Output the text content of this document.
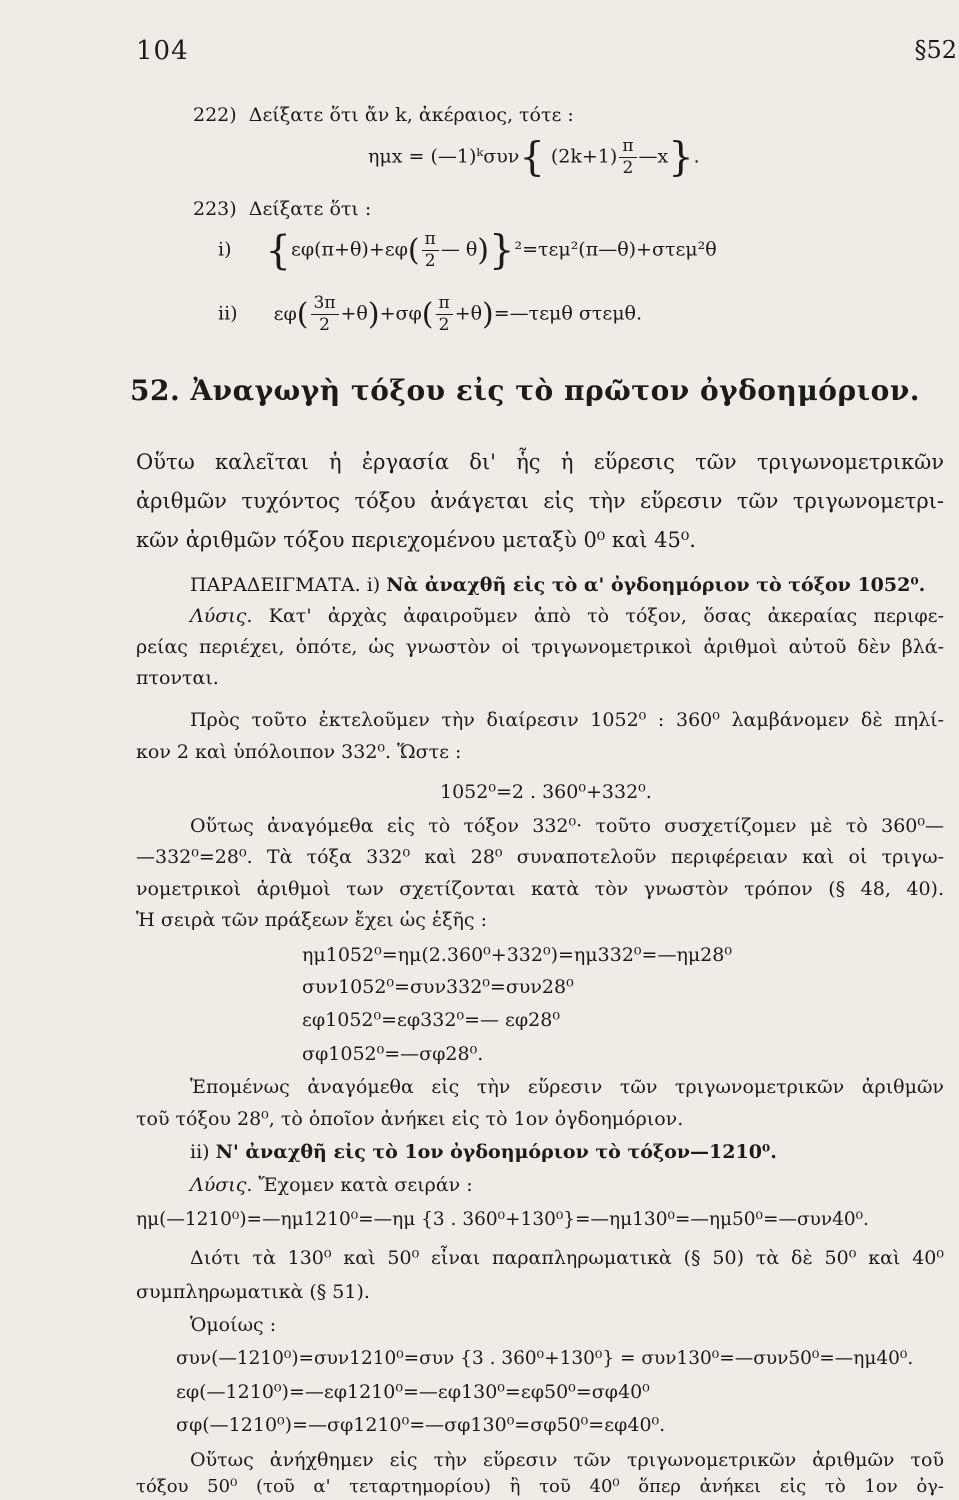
104	§52
222) Δείξατε ὅτι ἄν k, ἀκέραιος, τότε :
ημx = (—1)ᵏσυν{ $(2k+1) \frac{\pi}{2}$ —x}.
223) Δείξατε ὅτι :
i) {$\varepsilon\varphi(\pi+\theta)+\varepsilon\varphi( \frac{\pi}{2}$ — θ)}²=τεμ²(π—θ)+στεμ²θ
ii) $\varepsilon\varphi( \frac{3\pi}{2} +\theta)+\sigma\varphi( \frac{\pi}{2}$ +θ)=—τεμθ στεμθ.
52. Ἀναγωγὴ τόξου εἰς τὸ πρῶτον ὀγδοημόριον.
Οὕτω καλεῖται ἡ ἐργασία δι' ἧς ἡ εὕρεσις τῶν τριγωνομετρικῶν
ἀριθμῶν τυχόντος τόξου ἀνάγεται εἰς τὴν εὕρεσιν τῶν τριγωνομετρι-
κῶν ἀριθμῶν τόξου περιεχομένου μεταξὺ 0⁰ καὶ 45⁰.
ΠΑΡΑΔΕΙΓΜΑΤΑ. i) Νὰ ἀναχθῆ εἰς τὸ α' ὀγδοημόριον τὸ τόξον 1052⁰.
Λύσις. Κατ' ἀρχὰς ἀφαιροῦμεν ἀπὸ τὸ τόξον, ὅσας ἀκεραίας περιφε-
ρείας περιέχει, ὁπότε, ὡς γνωστὸν οἱ τριγωνομετρικοὶ ἀριθμοὶ αὐτοῦ δὲν βλά-
πτονται.
Πρὸς τοῦτο ἐκτελοῦμεν τὴν διαίρεσιν 1052⁰ : 360⁰ λαμβάνομεν δὲ πηλί-
κον 2 καὶ ὑπόλοιπον 332⁰. Ὥστε :
1052⁰=2 . 360⁰+332⁰.
Οὕτως ἀναγόμεθα εἰς τὸ τόξον 332⁰· τοῦτο συσχετίζομεν μὲ τὸ 360⁰—
—332⁰=28⁰. Τὰ τόξα 332⁰ καὶ 28⁰ συναποτελοῦν περιφέρειαν καὶ οἱ τριγω-
νομετρικοὶ ἀριθμοὶ των σχετίζονται κατὰ τὸν γνωστὸν τρόπον (§ 48, 40).
Ἡ σειρὰ τῶν πράξεων ἔχει ὡς ἑξῆς :
ημ1052⁰=ημ(2.360⁰+332⁰)=ημ332⁰=—ημ28⁰
συν1052⁰=συν332⁰=συν28⁰
εφ1052⁰=εφ332⁰=— εφ28⁰
σφ1052⁰=—σφ28⁰.
Ἑπομένως ἀναγόμεθα εἰς τὴν εὕρεσιν τῶν τριγωνομετρικῶν ἀριθμῶν
τοῦ τόξου 28⁰, τὸ ὁποῖον ἀνήκει εἰς τὸ 1ον ὀγδοημόριον.
ii) Ν' ἀναχθῆ εἰς τὸ 1ον ὀγδοημόριον τὸ τόξον—1210⁰.
Λύσις. Ἔχομεν κατὰ σειράν :
ημ(—1210⁰)=—ημ1210⁰=—ημ {3 . 360⁰+130⁰}=—ημ130⁰=—ημ50⁰=—συν40⁰.
Διότι τὰ 130⁰ καὶ 50⁰ εἶναι παραπληρωματικὰ (§ 50) τὰ δὲ 50⁰ καὶ 40⁰
συμπληρωματικὰ (§ 51).
Ὁμοίως :
συν(—1210⁰)=συν1210⁰=συν {3 . 360⁰+130⁰} = συν130⁰=—συν50⁰=—ημ40⁰.
εφ(—1210⁰)=—εφ1210⁰=—εφ130⁰=εφ50⁰=σφ40⁰
σφ(—1210⁰)=—σφ1210⁰=—σφ130⁰=σφ50⁰=εφ40⁰.
Οὕτως ἀνήχθημεν εἰς τὴν εὕρεσιν τῶν τριγωνομετρικῶν ἀριθμῶν τοῦ
τόξου 50⁰ (τοῦ α' τεταρτημορίου) ἢ τοῦ 40⁰ ὅπερ ἀνήκει εἰς τὸ 1ον ὀγ-
